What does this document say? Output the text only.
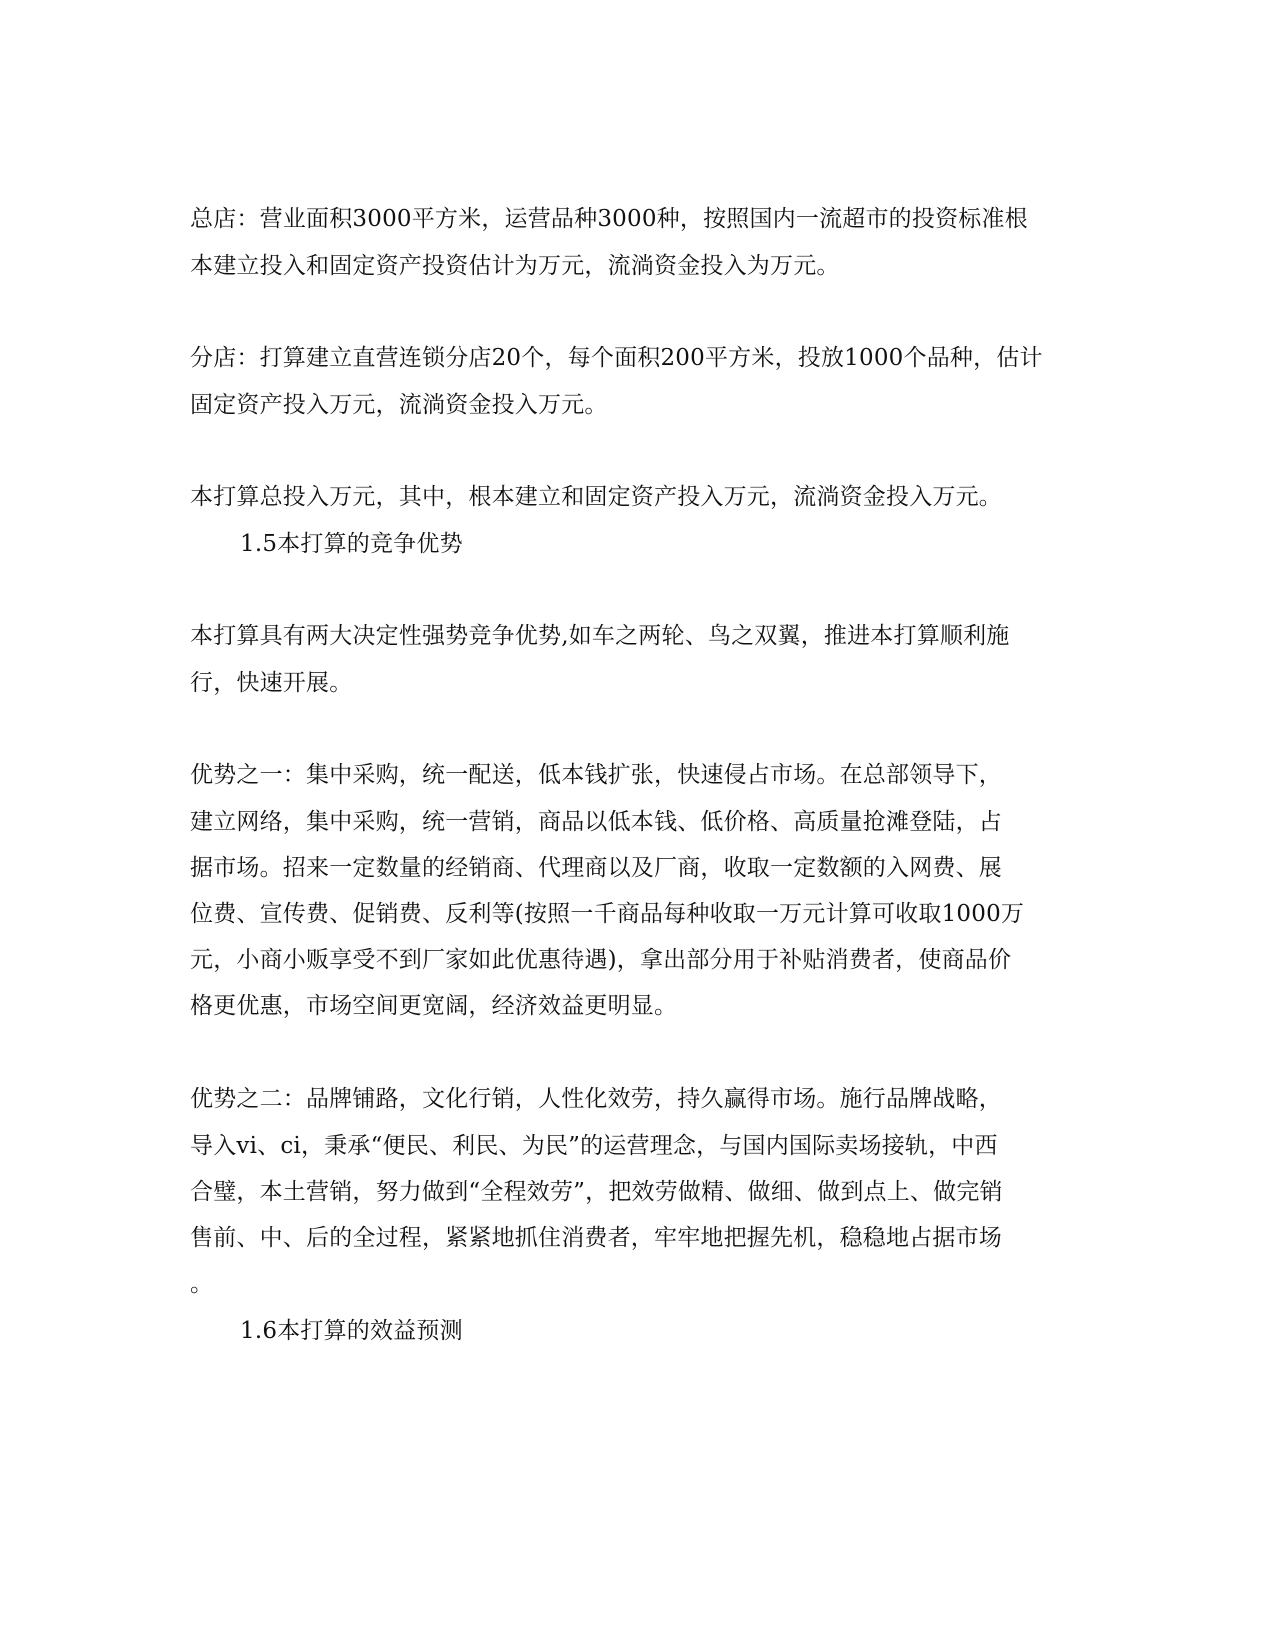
总店：营业面积3000平方米，运营品种3000种，按照国内一流超市的投资标准根
本建立投入和固定资产投资估计为万元，流淌资金投入为万元。
分店：打算建立直营连锁分店20个，每个面积200平方米，投放1000个品种，估计
固定资产投入万元，流淌资金投入万元。
本打算总投入万元，其中，根本建立和固定资产投入万元，流淌资金投入万元。
1.5本打算的竞争优势
本打算具有两大决定性强势竞争优势,如车之两轮、鸟之双翼，推进本打算顺利施
行，快速开展。
优势之一：集中采购，统一配送，低本钱扩张，快速侵占市场。在总部领导下，
建立网络，集中采购，统一营销，商品以低本钱、低价格、高质量抢滩登陆，占
据市场。招来一定数量的经销商、代理商以及厂商，收取一定数额的入网费、展
位费、宣传费、促销费、反利等(按照一千商品每种收取一万元计算可收取1000万
元，小商小贩享受不到厂家如此优惠待遇)，拿出部分用于补贴消费者，使商品价
格更优惠，市场空间更宽阔，经济效益更明显。
优势之二：品牌铺路，文化行销，人性化效劳，持久赢得市场。施行品牌战略，
导入vi、ci，秉承“便民、利民、为民”的运营理念，与国内国际卖场接轨，中西
合璧，本土营销，努力做到“全程效劳”，把效劳做精、做细、做到点上、做完销
售前、中、后的全过程，紧紧地抓住消费者，牢牢地把握先机，稳稳地占据市场
。
1.6本打算的效益预测
